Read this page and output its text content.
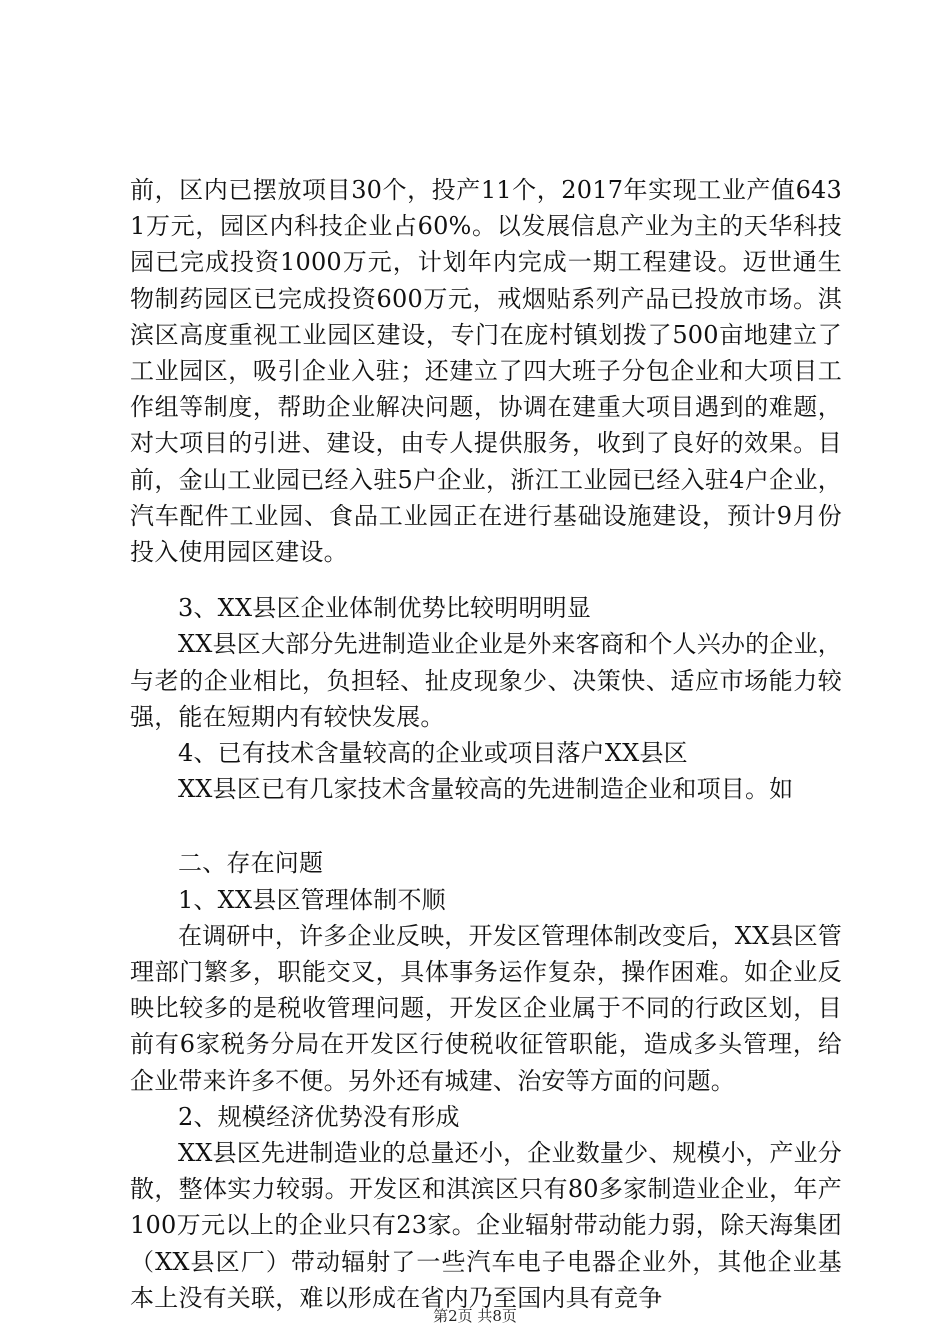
前，区内已摆放项目30个，投产11个，2017年实现工业产值6431万元，园区内科技企业占60%。以发展信息产业为主的天华科技园已完成投资1000万元，计划年内完成一期工程建设。迈世通生物制药园区已完成投资600万元，戒烟贴系列产品已投放市场。淇滨区高度重视工业园区建设，专门在庞村镇划拨了500亩地建立了工业园区，吸引企业入驻；还建立了四大班子分包企业和大项目工作组等制度，帮助企业解决问题，协调在建重大项目遇到的难题，对大项目的引进、建设，由专人提供服务，收到了良好的效果。目前，金山工业园已经入驻5户企业，浙江工业园已经入驻4户企业，汽车配件工业园、食品工业园正在进行基础设施建设，预计9月份投入使用园区建设。

3、XX县区企业体制优势比较明明明显

XX县区大部分先进制造业企业是外来客商和个人兴办的企业，与老的企业相比，负担轻、扯皮现象少、决策快、适应市场能力较强，能在短期内有较快发展。

4、已有技术含量较高的企业或项目落户XX县区

XX县区已有几家技术含量较高的先进制造企业和项目。如

二、存在问题

1、XX县区管理体制不顺

在调研中，许多企业反映，开发区管理体制改变后，XX县区管理部门繁多，职能交叉，具体事务运作复杂，操作困难。如企业反映比较多的是税收管理问题，开发区企业属于不同的行政区划，目前有6家税务分局在开发区行使税收征管职能，造成多头管理，给企业带来许多不便。另外还有城建、治安等方面的问题。

2、规模经济优势没有形成

XX县区先进制造业的总量还小，企业数量少、规模小，产业分散，整体实力较弱。开发区和淇滨区只有80多家制造业企业，年产100万元以上的企业只有23家。企业辐射带动能力弱，除天海集团（XX县区厂）带动辐射了一些汽车电子电器企业外，其他企业基本上没有关联，难以形成在省内乃至国内具有竞争

第2页 共8页
